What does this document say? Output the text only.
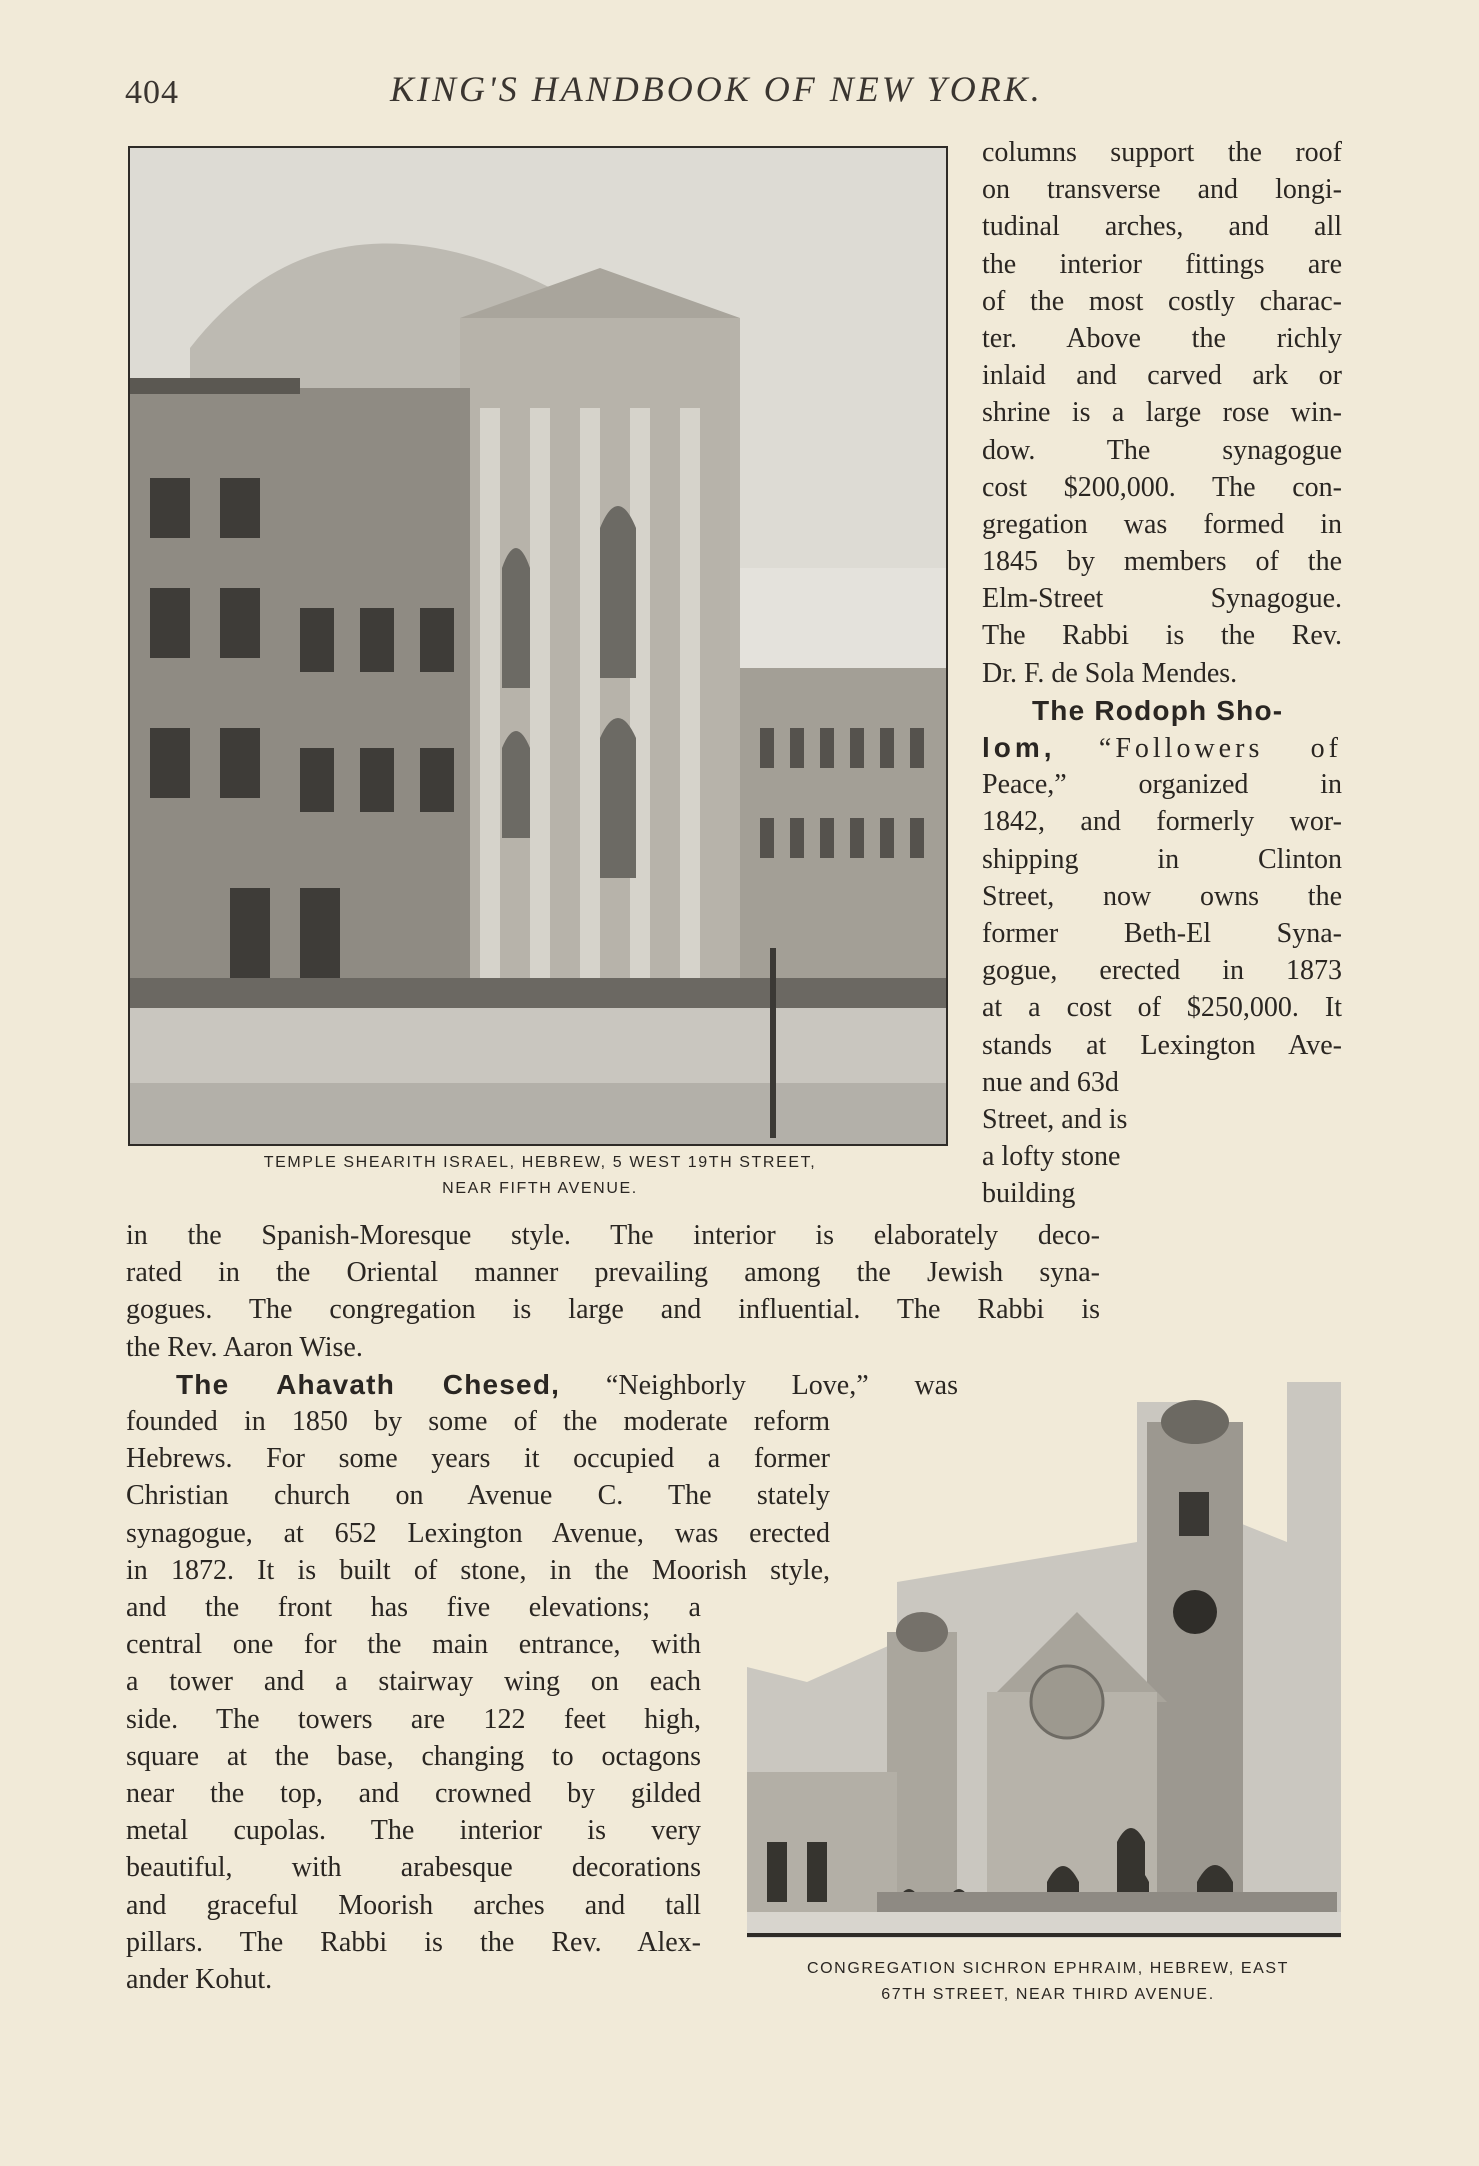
404	KING'S HANDBOOK OF NEW YORK.
TEMPLE SHEARITH ISRAEL, HEBREW, 5 WEST 19TH STREET,
NEAR FIFTH AVENUE.
columns support the roof
on transverse and longi-
tudinal arches, and all
the interior fittings are
of the most costly charac-
ter. Above the richly
inlaid and carved ark or
shrine is a large rose win-
dow. The synagogue
cost $200,000. The con-
gregation was formed in
1845 by members of the
Elm-Street Synagogue.
The Rabbi is the Rev.
Dr. F. de Sola Mendes.
The Rodoph Sho-
lom, “Followers of
Peace,” organized in
1842, and formerly wor-
shipping in Clinton
Street, now owns the
former Beth-El Syna-
gogue, erected in 1873
at a cost of $250,000. It
stands at Lexington Ave-
nue and 63d
Street, and is
a lofty stone
building
in the Spanish-Moresque style. The interior is elaborately deco-
rated in the Oriental manner prevailing among the Jewish syna-
gogues. The congregation is large and influential. The Rabbi is
the Rev. Aaron Wise.
The Ahavath Chesed, “Neighborly Love,” was
founded in 1850 by some of the moderate reform
Hebrews. For some years it occupied a former
Christian church on Avenue C. The stately
synagogue, at 652 Lexington Avenue, was erected
in 1872. It is built of stone, in the Moorish style,
and the front has five elevations; a
central one for the main entrance, with
a tower and a stairway wing on each
side. The towers are 122 feet high,
square at the base, changing to octagons
near the top, and crowned by gilded
metal cupolas. The interior is very
beautiful, with arabesque decorations
and graceful Moorish arches and tall
pillars. The Rabbi is the Rev. Alex-
ander Kohut.	CONGREGATION SICHRON EPHRAIM, HEBREW, EAST
67TH STREET, NEAR THIRD AVENUE.
